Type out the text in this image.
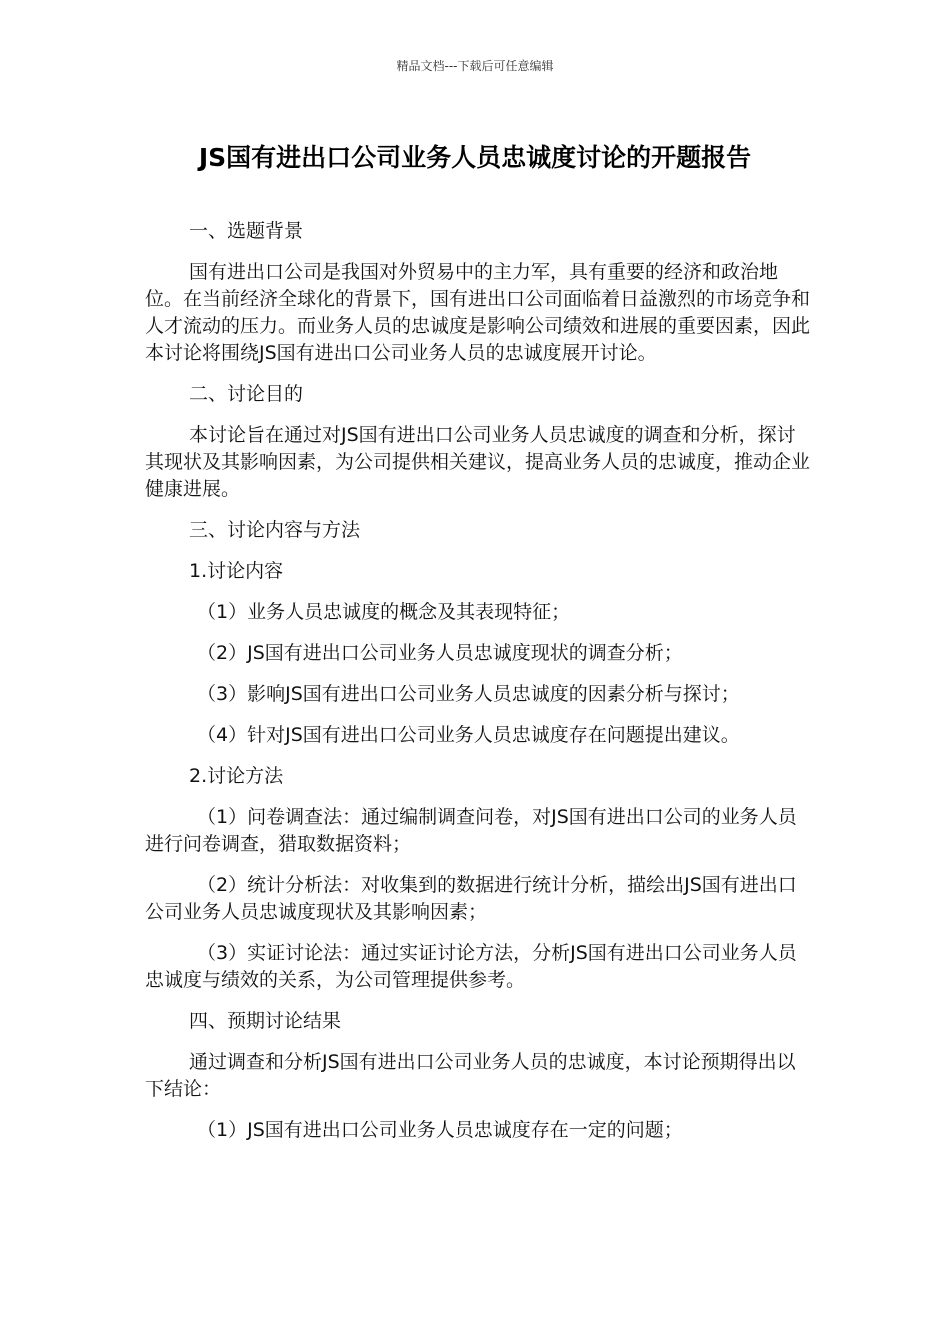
精品文档---下载后可任意编辑
JS国有进出口公司业务人员忠诚度讨论的开题报告

一、选题背景

国有进出口公司是我国对外贸易中的主力军，具有重要的经济和政治地位。在当前经济全球化的背景下，国有进出口公司面临着日益激烈的市场竞争和人才流动的压力。而业务人员的忠诚度是影响公司绩效和进展的重要因素，因此本讨论将围绕JS国有进出口公司业务人员的忠诚度展开讨论。

二、讨论目的

本讨论旨在通过对JS国有进出口公司业务人员忠诚度的调查和分析，探讨其现状及其影响因素，为公司提供相关建议，提高业务人员的忠诚度，推动企业健康进展。

三、讨论内容与方法

1.讨论内容

（1）业务人员忠诚度的概念及其表现特征；

（2）JS国有进出口公司业务人员忠诚度现状的调查分析；

（3）影响JS国有进出口公司业务人员忠诚度的因素分析与探讨；

（4）针对JS国有进出口公司业务人员忠诚度存在问题提出建议。

2.讨论方法

（1）问卷调查法：通过编制调查问卷，对JS国有进出口公司的业务人员进行问卷调查，猎取数据资料；

（2）统计分析法：对收集到的数据进行统计分析，描绘出JS国有进出口公司业务人员忠诚度现状及其影响因素；

（3）实证讨论法：通过实证讨论方法，分析JS国有进出口公司业务人员忠诚度与绩效的关系，为公司管理提供参考。

四、预期讨论结果

通过调查和分析JS国有进出口公司业务人员的忠诚度，本讨论预期得出以下结论：

（1）JS国有进出口公司业务人员忠诚度存在一定的问题；
